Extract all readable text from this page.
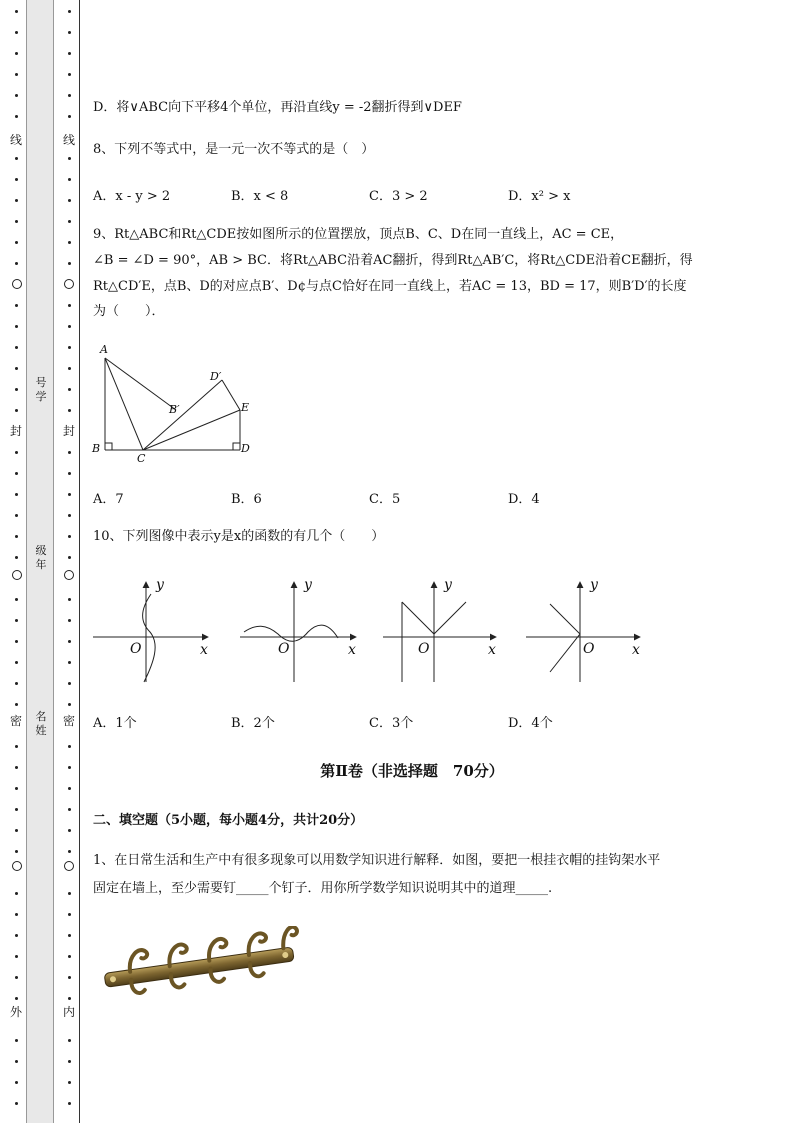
线
封
密
外
线
封
密
内
号学
级年
名姓
D．将∨ABC向下平移4个单位，再沿直线y = -2翻折得到∨DEF
8、下列不等式中，是一元一次不等式的是（　）
A．x - y > 2	B．x < 8	C．3 > 2	D．x² > x
9、Rt△ABC和Rt△CDE按如图所示的位置摆放，顶点B、C、D在同一直线上，AC = CE，
∠B = ∠D = 90°，AB > BC．将Rt△ABC沿着AC翻折，得到Rt△AB′C，将Rt△CDE沿着CE翻折，得
Rt△CD′E，点B、D的对应点B′、D¢与点C恰好在同一直线上，若AC = 13，BD = 17，则B′D′的长度
为（　　）．
A
D′
B′	E
B
C
D
A．7	B．6	C．5	D．4
10、下列图像中表示y是x的函数的有几个（　　）
y
x
O
y
x
O
y
x
O
y
x
O
A．1个	B．2个	C．3个	D．4个
第Ⅱ卷（非选择题　70分）
二、填空题（5小题，每小题4分，共计20分）
1、在日常生活和生产中有很多现象可以用数学知识进行解释．如图，要把一根挂衣帽的挂钩架水平
固定在墙上，至少需要钉_____个钉子．用你所学数学知识说明其中的道理_____.
